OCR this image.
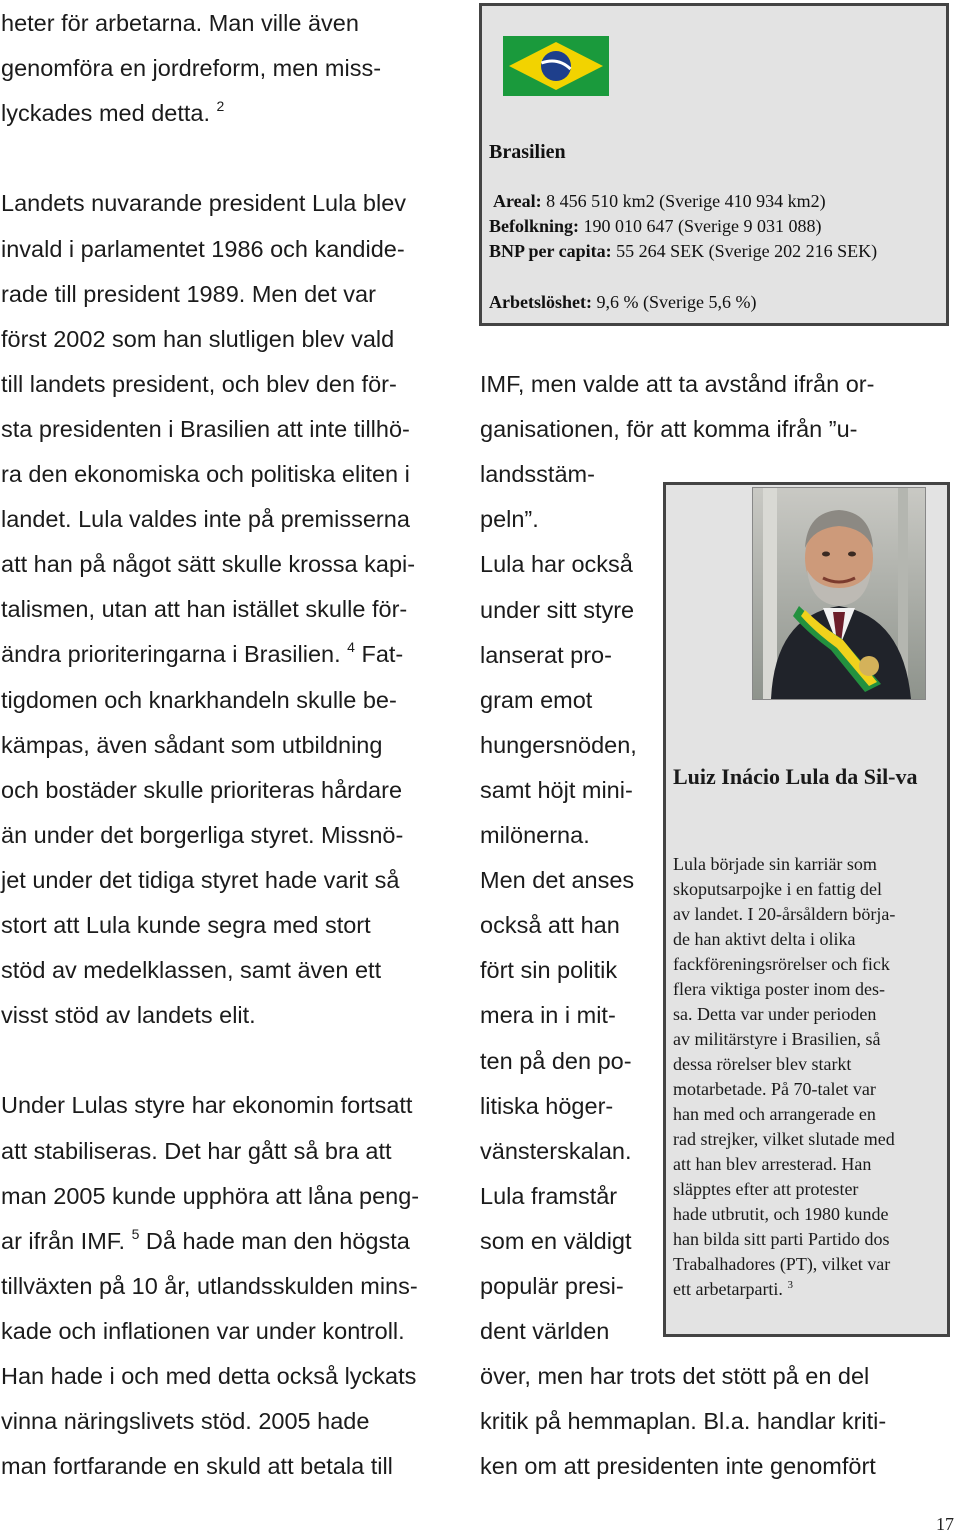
heter för arbetarna. Man ville även
genomföra en jordreform, men miss-
lyckades med detta. $^2$
Landets nuvarande president Lula blev
invald i parlamentet 1986 och kandide-
rade till president 1989. Men det var
först 2002 som han slutligen blev vald
till landets president, och blev den för-
sta presidenten i Brasilien att inte tillhö-
ra den ekonomiska och politiska eliten i
landet. Lula valdes inte på premisserna
att han på något sätt skulle krossa kapi-
talismen, utan att han istället skulle för-
ändra prioriteringarna i Brasilien. $^4$ Fat-
tigdomen och knarkhandeln skulle be-
kämpas, även sådant som utbildning
och bostäder skulle prioriteras hårdare
än under det borgerliga styret. Missnö-
jet under det tidiga styret hade varit så
stort att Lula kunde segra med stort
stöd av medelklassen, samt även ett
visst stöd av landets elit.
Under Lulas styre har ekonomin fortsatt
att stabiliseras. Det har gått så bra att
man 2005 kunde upphöra att låna peng-
ar ifrån IMF. $^5$ Då hade man den högsta
tillväxten på 10 år, utlandsskulden mins-
kade och inflationen var under kontroll.
Han hade i och med detta också lyckats
vinna näringslivets stöd. 2005 hade
man fortfarande en skuld att betala till
IMF, men valde att ta avstånd ifrån or-
ganisationen, för att komma ifrån ”u-
landsstäm-
peln”.
Lula har också
under sitt styre
lanserat pro-
gram emot
hungersnöden,
samt höjt mini-
milönerna.
Men det anses
också att han
fört sin politik
mera in i mit-
ten på den po-
litiska höger-
vänsterskalan.
Lula framstår
som en väldigt
populär presi-
dent världen
över, men har trots det stött på en del
kritik på hemmaplan. Bl.a. handlar kriti-
ken om att presidenten inte genomfört
Brasilien
Areal: 8 456 510 km2 (Sverige 410 934 km2)
Befolkning: 190 010 647 (Sverige 9 031 088)
BNP per capita: 55 264 SEK (Sverige 202 216 SEK)
Arbetslöshet: 9,6 % (Sverige 5,6 %)
Luiz Inácio Lula da Sil-va
Lula började sin karriär som
skoputsarpojke i en fattig del
av landet. I 20-årsåldern börja-
de han aktivt delta i olika
fackföreningsrörelser och fick
flera viktiga poster inom des-
sa. Detta var under perioden
av militärstyre i Brasilien, så
dessa rörelser blev starkt
motarbetade. På 70-talet var
han med och arrangerade en
rad strejker, vilket slutade med
att han blev arresterad. Han
släpptes efter att protester
hade utbrutit, och 1980 kunde
han bilda sitt parti Partido dos
Trabalhadores (PT), vilket var
ett arbetarparti. $^3$
17
